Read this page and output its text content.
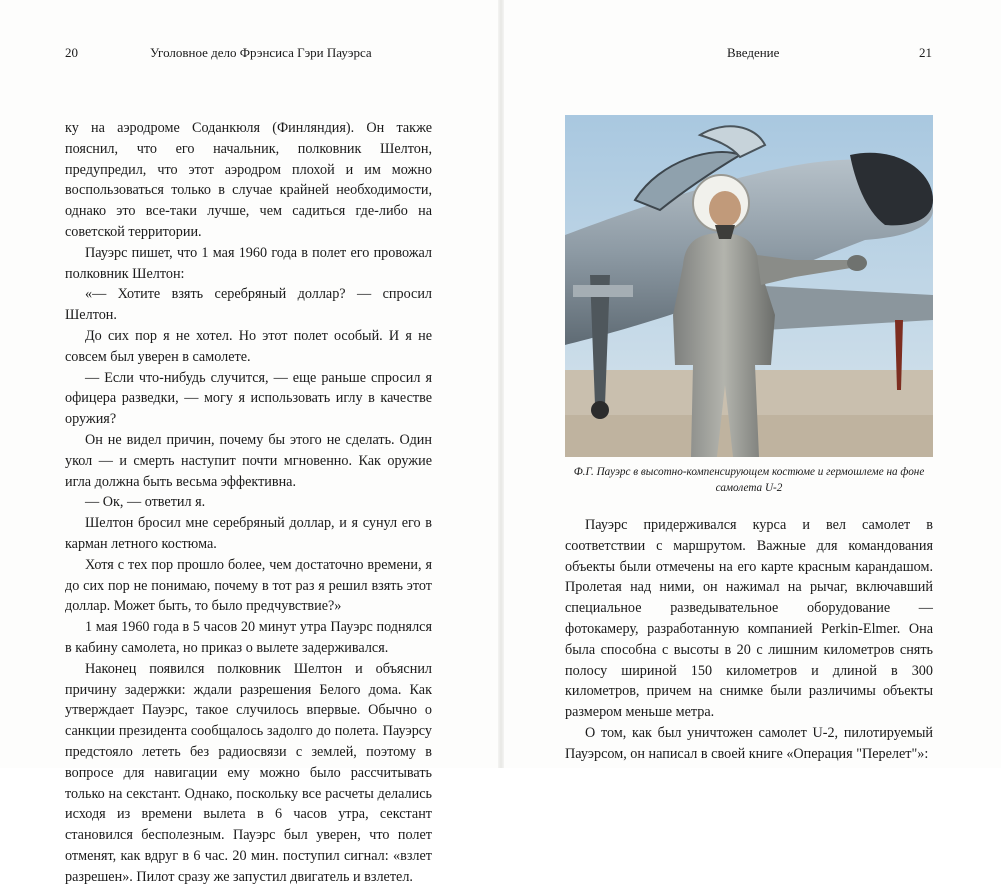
20	Уголовное дело Фрэнсиса Гэри Пауэрса	Введение	21

ку на аэродроме Соданкюля (Финляндия). Он также пояснил, что его начальник, полковник Шелтон, предупредил, что этот аэродром плохой и им можно воспользоваться только в случае крайней необходимости, однако это все-таки лучше, чем садиться где-либо на советской территории.

Пауэрс пишет, что 1 мая 1960 года в полет его провожал полковник Шелтон:

«— Хотите взять серебряный доллар? — спросил Шелтон.

До сих пор я не хотел. Но этот полет особый. И я не совсем был уверен в самолете.

— Если что-нибудь случится, — еще раньше спросил я офицера разведки, — могу я использовать иглу в качестве оружия?

Он не видел причин, почему бы этого не сделать. Один укол — и смерть наступит почти мгновенно. Как оружие игла должна быть весьма эффективна.

— Ок, — ответил я.

Шелтон бросил мне серебряный доллар, и я сунул его в карман летного костюма.

Хотя с тех пор прошло более, чем достаточно времени, я до сих пор не понимаю, почему в тот раз я решил взять этот доллар. Может быть, то было предчувствие?»

1 мая 1960 года в 5 часов 20 минут утра Пауэрс поднялся в кабину самолета, но приказ о вылете задерживался.

Наконец появился полковник Шелтон и объяснил причину задержки: ждали разрешения Белого дома. Как утверждает Пауэрс, такое случилось впервые. Обычно о санкции президента сообщалось задолго до полета. Пауэрсу предстояло лететь без радиосвязи с землей, поэтому в вопросе для навигации ему можно было рассчитывать только на секстант. Однако, поскольку все расчеты делались исходя из времени вылета в 6 часов утра, секстант становился бесполезным. Пауэрс был уверен, что полет отменят, как вдруг в 6 час. 20 мин. поступил сигнал: «взлет разрешен». Пилот сразу же запустил двигатель и взлетел.

Ф.Г. Пауэрс в высотно-компенсирующем костюме и гермошлеме на фоне самолета U-2

Пауэрс придерживался курса и вел самолет в соответствии с маршрутом. Важные для командования объекты были отмечены на его карте красным карандашом. Пролетая над ними, он нажимал на рычаг, включавший специальное разведывательное оборудование — фотокамеру, разработанную компанией Perkin-Elmer. Она была способна с высоты в 20 с лишним километров снять полосу шириной 150 километров и длиной в 300 километров, причем на снимке были различимы объекты размером меньше метра.

О том, как был уничтожен самолет U-2, пилотируемый Пауэрсом, он написал в своей книге «Операция "Перелет"»:
